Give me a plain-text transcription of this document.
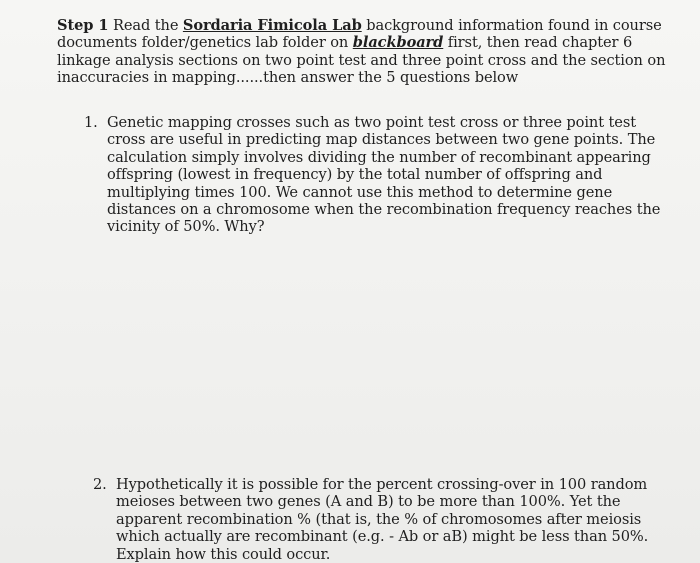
Step 1 Read the Sordaria Fimicola Lab background information found in course documents folder/genetics lab folder on blackboard first, then read chapter 6 linkage analysis sections on two point test and three point cross and the section on inaccuracies in mapping......then answer the 5 questions below
1. Genetic mapping crosses such as two point test cross or three point test cross are useful in predicting map distances between two gene points. The calculation simply involves dividing the number of recombinant appearing offspring (lowest in frequency) by the total number of offspring and multiplying times 100. We cannot use this method to determine gene distances on a chromosome when the recombination frequency reaches the vicinity of 50%. Why?
2. Hypothetically it is possible for the percent crossing-over in 100 random meioses between two genes (A and B) to be more than 100%. Yet the apparent recombination % (that is, the % of chromosomes after meiosis which actually are recombinant (e.g. - Ab or aB) might be less than 50%. Explain how this could occur.
